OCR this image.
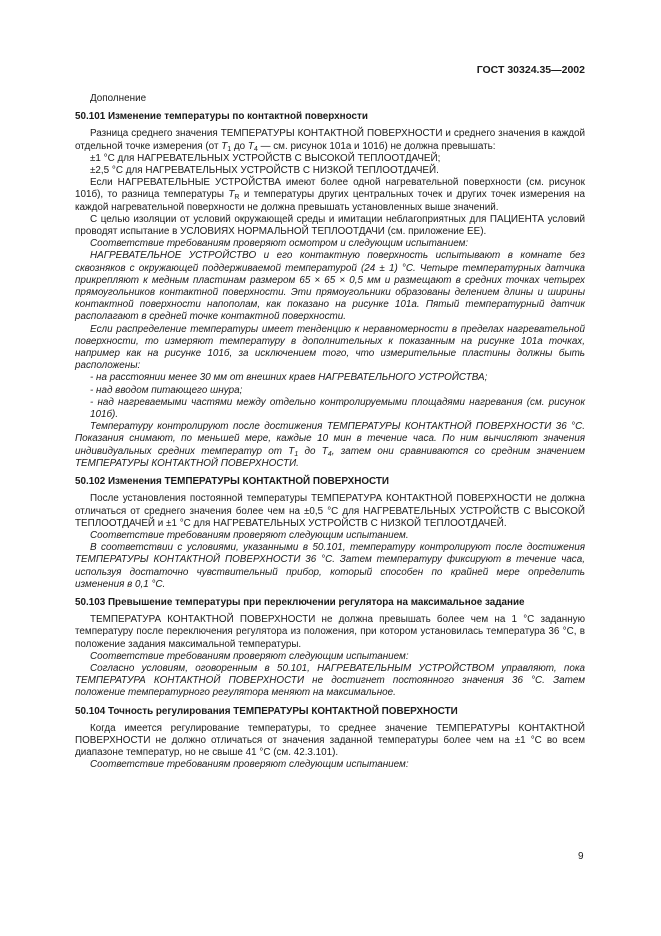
ГОСТ 30324.35—2002

Дополнение

50.101 Изменение температуры по контактной поверхности

Разница среднего значения ТЕМПЕРАТУРЫ КОНТАКТНОЙ ПОВЕРХНОСТИ и среднего значения в каждой отдельной точке измерения (от $T_1$ до $T_4$ — см. рисунок 101а и 101б) не должна превышать:

±1 °С для НАГРЕВАТЕЛЬНЫХ УСТРОЙСТВ С ВЫСОКОЙ ТЕПЛООТДАЧЕЙ;

±2,5 °С для НАГРЕВАТЕЛЬНЫХ УСТРОЙСТВ С НИЗКОЙ ТЕПЛООТДАЧЕЙ.

Если НАГРЕВАТЕЛЬНЫЕ УСТРОЙСТВА имеют более одной нагревательной поверхности (см. рисунок 101б), то разница температуры $T_R$ и температуры других центральных точек и других точек измерения на каждой нагревательной поверхности не должна превышать установленных выше значений.

С целью изоляции от условий окружающей среды и имитации неблагоприятных для ПАЦИЕНТА условий проводят испытание в УСЛОВИЯХ НОРМАЛЬНОЙ ТЕПЛООТДАЧИ (см. приложение ЕЕ).

Соответствие требованиям проверяют осмотром и следующим испытанием:

НАГРЕВАТЕЛЬНОЕ УСТРОЙСТВО и его контактную поверхность испытывают в комнате без сквозняков с окружающей поддерживаемой температурой (24 ± 1) °С. Четыре температурных датчика прикрепляют к медным пластинам размером 65 × 65 × 0,5 мм и размещают в средних точках четырех прямоугольников контактной поверхности. Эти прямоугольники образованы делением длины и ширины контактной поверхности напополам, как показано на рисунке 101а. Пятый температурный датчик располагают в средней точке контактной поверхности.

Если распределение температуры имеет тенденцию к неравномерности в пределах нагревательной поверхности, то измеряют температуру в дополнительных к показанным на рисунке 101а точках, например как на рисунке 101б, за исключением того, что измерительные пластины должны быть расположены:

- на расстоянии менее 30 мм от внешних краев НАГРЕВАТЕЛЬНОГО УСТРОЙСТВА;

- над вводом питающего шнура;

- над нагреваемыми частями между отдельно контролируемыми площадями нагревания (см. рисунок 101б).

Температуру контролируют после достижения ТЕМПЕРАТУРЫ КОНТАКТНОЙ ПОВЕРХНОСТИ 36 °С. Показания снимают, по меньшей мере, каждые 10 мин в течение часа. По ним вычисляют значения индивидуальных средних температур от $T_1$ до $T_4$, затем они сравниваются со средним значением ТЕМПЕРАТУРЫ КОНТАКТНОЙ ПОВЕРХНОСТИ.

50.102 Изменения ТЕМПЕРАТУРЫ КОНТАКТНОЙ ПОВЕРХНОСТИ

После установления постоянной температуры ТЕМПЕРАТУРА КОНТАКТНОЙ ПОВЕРХНОСТИ не должна отличаться от среднего значения более чем на ±0,5 °С для НАГРЕВАТЕЛЬНЫХ УСТРОЙСТВ С ВЫСОКОЙ ТЕПЛООТДАЧЕЙ и ±1 °С для НАГРЕВАТЕЛЬНЫХ УСТРОЙСТВ С НИЗКОЙ ТЕПЛООТДАЧЕЙ.

Соответствие требованиям проверяют следующим испытанием.

В соответствии с условиями, указанными в 50.101, температуру контролируют после достижения ТЕМПЕРАТУРЫ КОНТАКТНОЙ ПОВЕРХНОСТИ 36 °С. Затем температуру фиксируют в течение часа, используя достаточно чувствительный прибор, который способен по крайней мере определить изменения в 0,1 °С.

50.103 Превышение температуры при переключении регулятора на максимальное задание

ТЕМПЕРАТУРА КОНТАКТНОЙ ПОВЕРХНОСТИ не должна превышать более чем на 1 °С заданную температуру после переключения регулятора из положения, при котором установилась температура 36 °С, в положение задания максимальной температуры.

Соответствие требованиям проверяют следующим испытанием:

Согласно условиям, оговоренным в 50.101, НАГРЕВАТЕЛЬНЫМ УСТРОЙСТВОМ управляют, пока ТЕМПЕРАТУРА КОНТАКТНОЙ ПОВЕРХНОСТИ не достигнет постоянного значения 36 °С. Затем положение температурного регулятора меняют на максимальное.

50.104 Точность регулирования ТЕМПЕРАТУРЫ КОНТАКТНОЙ ПОВЕРХНОСТИ

Когда имеется регулирование температуры, то среднее значение ТЕМПЕРАТУРЫ КОНТАКТНОЙ ПОВЕРХНОСТИ не должно отличаться от значения заданной температуры более чем на ±1 °С во всем диапазоне температур, но не свыше 41 °С (см. 42.3.101).

Соответствие требованиям проверяют следующим испытанием:

9
